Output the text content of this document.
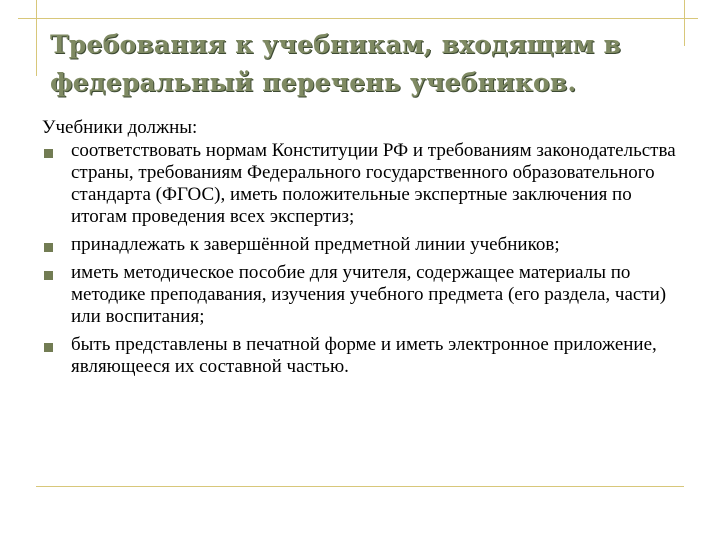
Требования к учебникам, входящим в федеральный перечень учебников.

Учебники должны:

соответствовать нормам Конституции РФ и требованиям законодательства страны, требованиям Федерального государственного образовательного стандарта (ФГОС), иметь положительные экспертные заключения по итогам проведения всех экспертиз;
принадлежать к завершённой предметной линии учебников;
иметь методическое пособие для учителя, содержащее материалы по методике преподавания, изучения учебного предмета (его раздела, части) или воспитания;
быть представлены в печатной форме и иметь электронное приложение, являющееся их составной частью.
